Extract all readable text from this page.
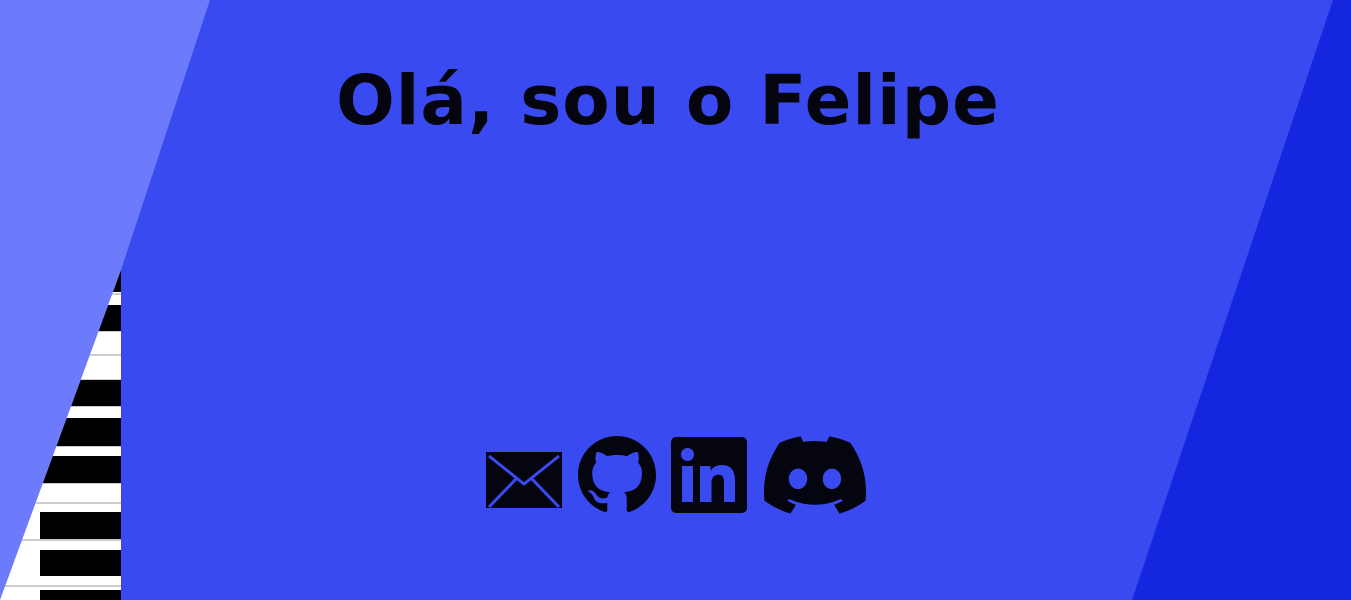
Olá, sou o Felipe
